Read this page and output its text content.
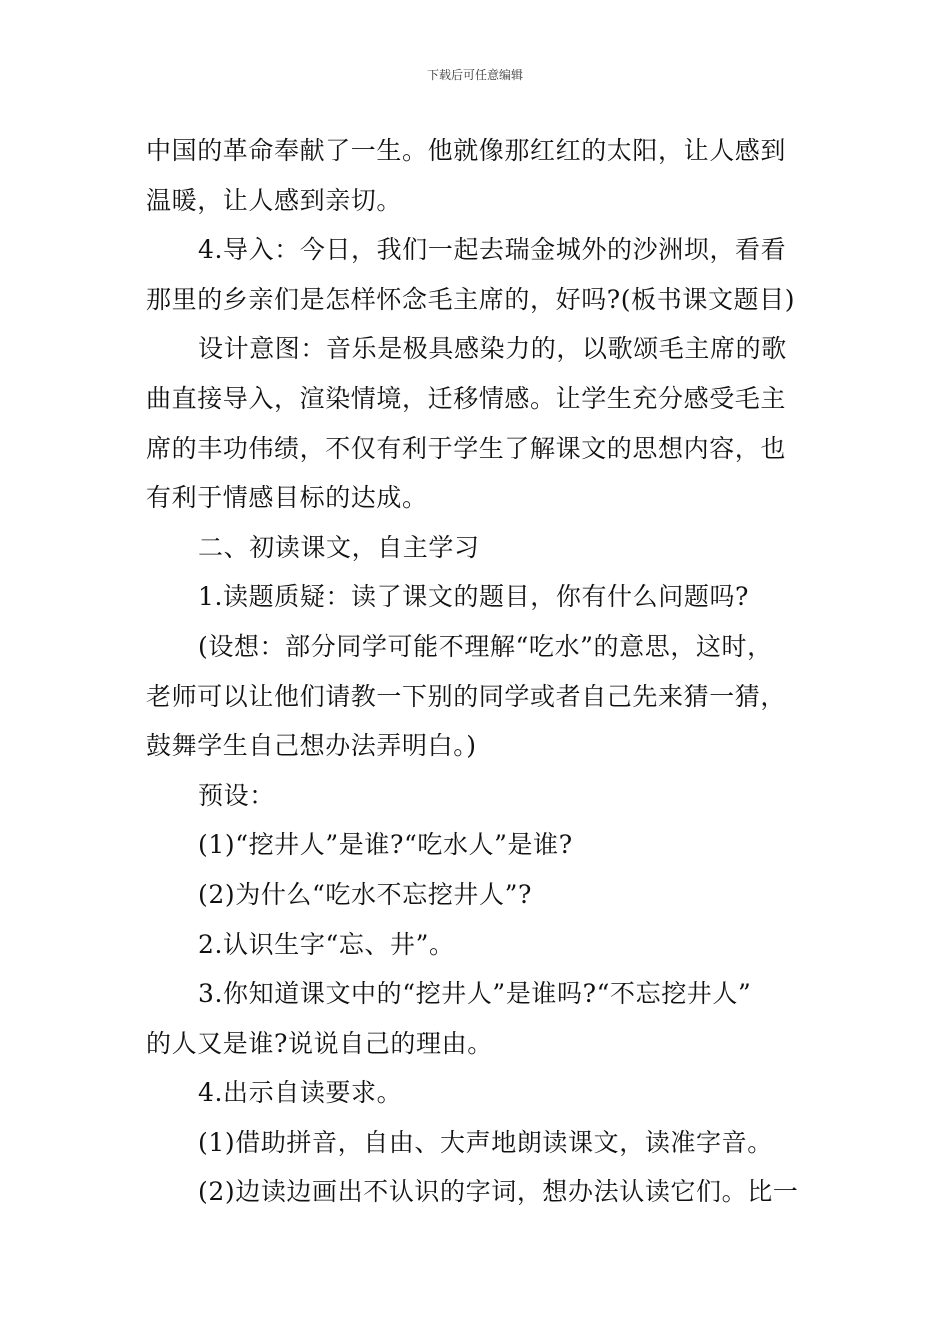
下载后可任意编辑
中国的革命奉献了一生。他就像那红红的太阳，让人感到
温暖，让人感到亲切。
4.导入：今日，我们一起去瑞金城外的沙洲坝，看看
那里的乡亲们是怎样怀念毛主席的，好吗?(板书课文题目)
设计意图：音乐是极具感染力的，以歌颂毛主席的歌
曲直接导入，渲染情境，迁移情感。让学生充分感受毛主
席的丰功伟绩，不仅有利于学生了解课文的思想内容，也
有利于情感目标的达成。
二、初读课文，自主学习
1.读题质疑：读了课文的题目，你有什么问题吗?
(设想：部分同学可能不理解“吃水”的意思，这时，
老师可以让他们请教一下别的同学或者自己先来猜一猜，
鼓舞学生自己想办法弄明白。)
预设：
(1)“挖井人”是谁?“吃水人”是谁?
(2)为什么“吃水不忘挖井人”?
2.认识生字“忘、井”。
3.你知道课文中的“挖井人”是谁吗?“不忘挖井人”
的人又是谁?说说自己的理由。
4.出示自读要求。
(1)借助拼音，自由、大声地朗读课文，读准字音。
(2)边读边画出不认识的字词，想办法认读它们。比一
